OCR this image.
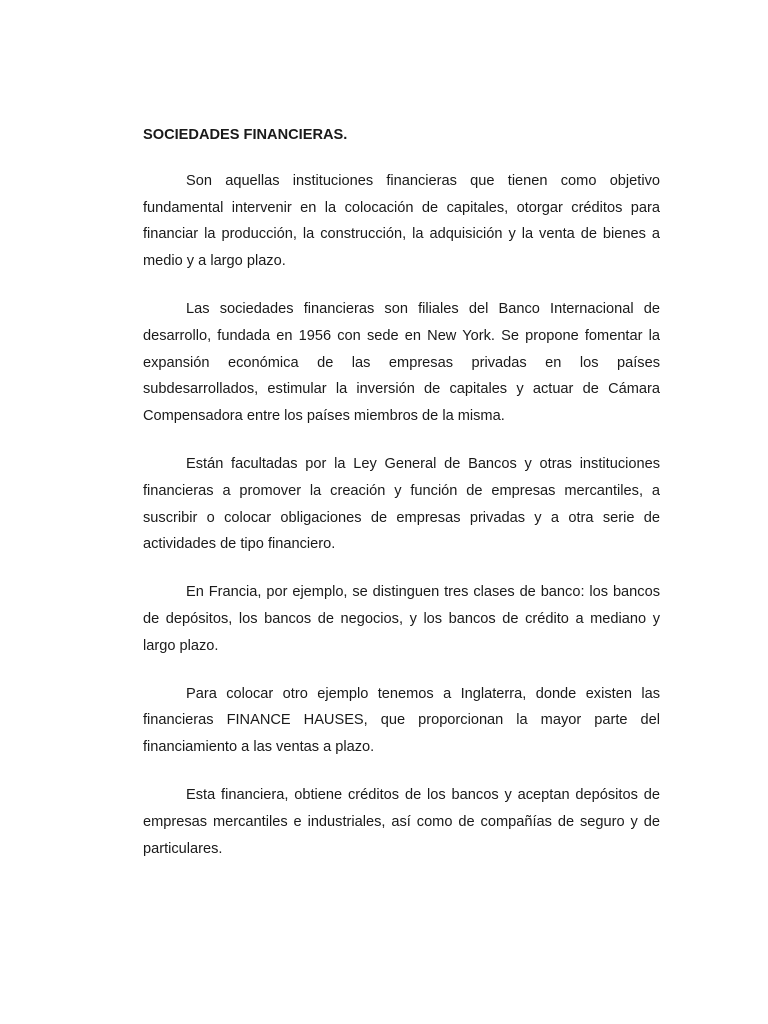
SOCIEDADES FINANCIERAS.

Son aquellas instituciones financieras que tienen como objetivo fundamental intervenir en la colocación de capitales, otorgar créditos para financiar la producción, la construcción, la adquisición y la venta de bienes a medio y a largo plazo.

Las sociedades financieras son filiales del Banco Internacional de desarrollo, fundada en 1956 con sede en New York. Se propone fomentar la expansión económica de las empresas privadas en los países subdesarrollados, estimular la inversión de capitales y actuar de Cámara Compensadora entre los países miembros de la misma.

Están facultadas por la Ley General de Bancos y otras instituciones financieras a promover la creación y función de empresas mercantiles, a suscribir o colocar obligaciones de empresas privadas y a otra serie de actividades de tipo financiero.

En Francia, por ejemplo, se distinguen tres clases de banco: los bancos de depósitos, los bancos de negocios, y los bancos de crédito a mediano y largo plazo.

Para colocar otro ejemplo tenemos a Inglaterra, donde existen las financieras FINANCE HAUSES, que proporcionan la mayor parte del financiamiento a las ventas a plazo.

Esta financiera, obtiene créditos de los bancos y aceptan depósitos de empresas mercantiles e industriales, así como de compañías de seguro y de particulares.
